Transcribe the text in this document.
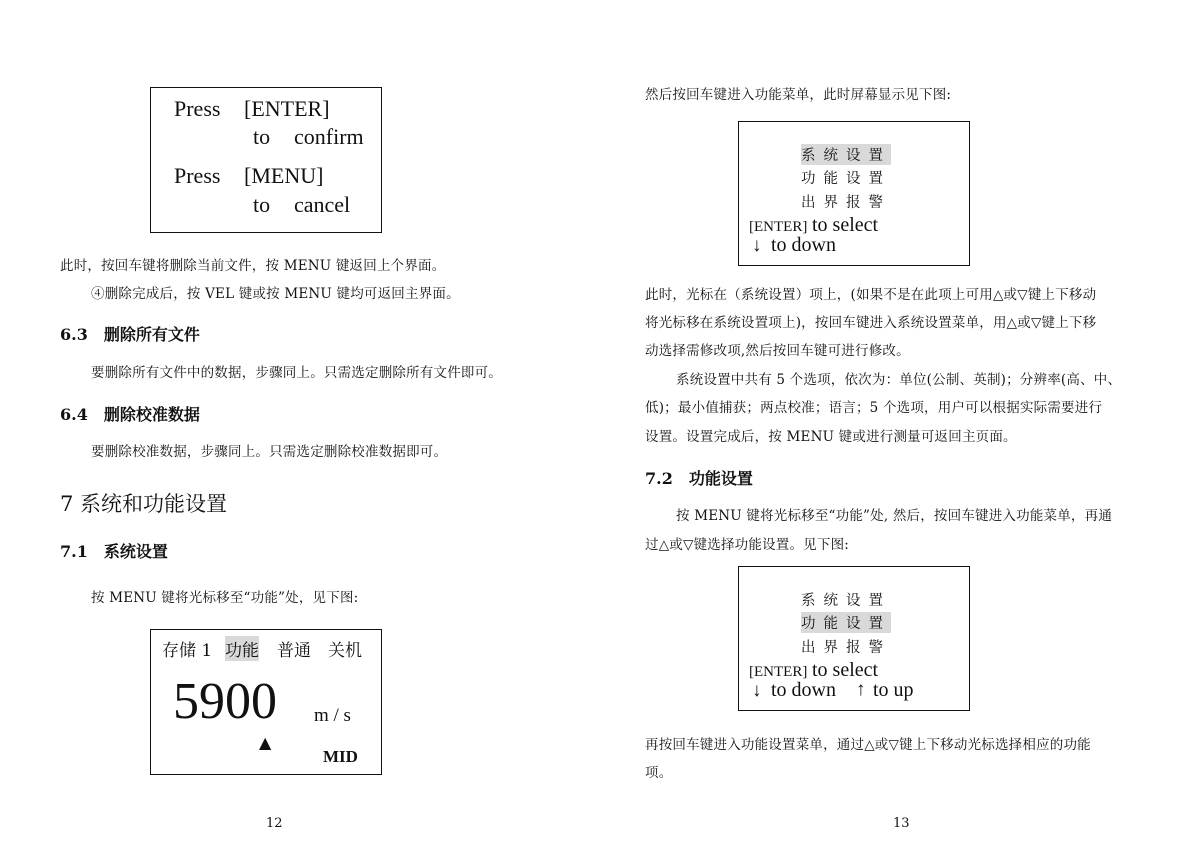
Press [ENTER]
to confirm
Press [MENU]
to cancel
此时，按回车键将删除当前文件，按 MENU 键返回上个界面。
④删除完成后，按 VEL 键或按 MENU 键均可返回主界面。
6.3　删除所有文件
要删除所有文件中的数据，步骤同上。只需选定删除所有文件即可。
6.4　删除校准数据
要删除校准数据，步骤同上。只需选定删除校准数据即可。
7 系统和功能设置
7.1　系统设置
按 MENU 键将光标移至“功能”处，见下图:
存储 1 功能 普通 关机
5900 m / s
▲
MID
12
然后按回车键进入功能菜单，此时屏幕显示见下图:
系统设置
功能设置
出界报警
[ENTER] to select
↓ to down
此时，光标在（系统设置）项上，(如果不是在此项上可用△或▽键上下移动
将光标移在系统设置项上)，按回车键进入系统设置菜单，用△或▽键上下移
动选择需修改项,然后按回车键可进行修改。
系统设置中共有 5 个选项，依次为：单位(公制、英制)；分辨率(高、中、
低)；最小值捕获；两点校准；语言；5 个选项，用户可以根据实际需要进行
设置。设置完成后，按 MENU 键或进行测量可返回主页面。
7.2　功能设置
按 MENU 键将光标移至“功能”处, 然后，按回车键进入功能菜单，再通
过△或▽键选择功能设置。见下图:
系统设置
功能设置
出界报警
[ENTER] to select
↓ to down ↑ to up
再按回车键进入功能设置菜单，通过△或▽键上下移动光标选择相应的功能
项。
13
